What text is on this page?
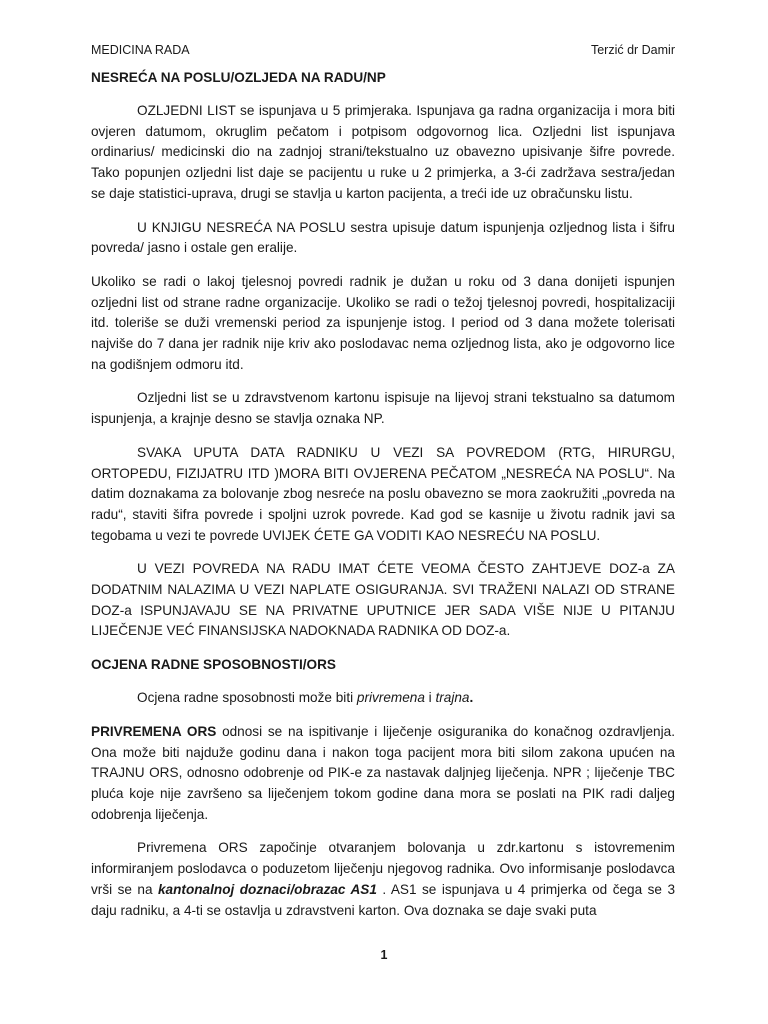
MEDICINA RADA	Terzić dr Damir
NESREĆA NA POSLU/OZLJEDA NA RADU/NP

OZLJEDNI LIST se ispunjava u 5 primjeraka. Ispunjava ga radna organizacija i mora biti ovjeren datumom, okruglim pečatom i potpisom odgovornog lica. Ozljedni list ispunjava ordinarius/ medicinski dio na zadnjoj strani/tekstualno uz obavezno upisivanje šifre povrede. Tako popunjen ozljedni list daje se pacijentu u ruke u 2 primjerka, a 3-ći zadržava sestra/jedan se daje statistici-uprava, drugi se stavlja u karton pacijenta, a treći ide uz obračunsku listu.

U KNJIGU NESREĆA NA POSLU sestra upisuje datum ispunjenja ozljednog lista i šifru povreda/ jasno i ostale gen eralije.

Ukoliko se radi o lakoj tjelesnoj povredi radnik je dužan u roku od 3 dana donijeti ispunjen ozljedni list od strane radne organizacije. Ukoliko se radi o težoj tjelesnoj povredi, hospitalizaciji itd. toleriše se duži vremenski period za ispunjenje istog. I period od 3 dana možete tolerisati najviše do 7 dana jer radnik nije kriv ako poslodavac nema ozljednog lista, ako je odgovorno lice na godišnjem odmoru itd.

Ozljedni list se u zdravstvenom kartonu ispisuje na lijevoj strani tekstualno sa datumom ispunjenja, a krajnje desno se stavlja oznaka NP.

SVAKA UPUTA DATA RADNIKU U VEZI SA POVREDOM (RTG, HIRURGU, ORTOPEDU, FIZIJATRU ITD )MORA BITI OVJERENA PEČATOM „NESREĆA NA POSLU“. Na datim doznakama za bolovanje zbog nesreće na poslu obavezno se mora zaokružiti „povreda na radu“, staviti šifra povrede i spoljni uzrok povrede. Kad god se kasnije u životu radnik javi sa tegobama u vezi te povrede UVIJEK ĆETE GA VODITI KAO NESREĆU NA POSLU.

U VEZI POVREDA NA RADU IMAT ĆETE VEOMA ČESTO ZAHTJEVE DOZ-a ZA DODATNIM NALAZIMA U VEZI NAPLATE OSIGURANJA. SVI TRAŽENI NALAZI OD STRANE DOZ-a ISPUNJAVAJU SE NA PRIVATNE UPUTNICE JER SADA VIŠE NIJE U PITANJU LIJEČENJE VEĆ FINANSIJSKA NADOKNADA RADNIKA OD DOZ-a.

OCJENA RADNE SPOSOBNOSTI/ORS

Ocjena radne sposobnosti može biti privremena i trajna.

PRIVREMENA ORS odnosi se na ispitivanje i liječenje osiguranika do konačnog ozdravljenja. Ona može biti najduže godinu dana i nakon toga pacijent mora biti silom zakona upućen na TRAJNU ORS, odnosno odobrenje od PIK-e za nastavak daljnjeg liječenja. NPR ; liječenje TBC pluća koje nije završeno sa liječenjem tokom godine dana mora se poslati na PIK radi daljeg odobrenja liječenja.

Privremena ORS započinje otvaranjem bolovanja u zdr.kartonu s istovremenim informiranjem poslodavca o poduzetom liječenju njegovog radnika. Ovo informisanje poslodavca vrši se na kantonalnoj doznaci/obrazac AS1 . AS1 se ispunjava u 4 primjerka od čega se 3 daju radniku, a 4-ti se ostavlja u zdravstveni karton. Ova doznaka se daje svaki puta

1
